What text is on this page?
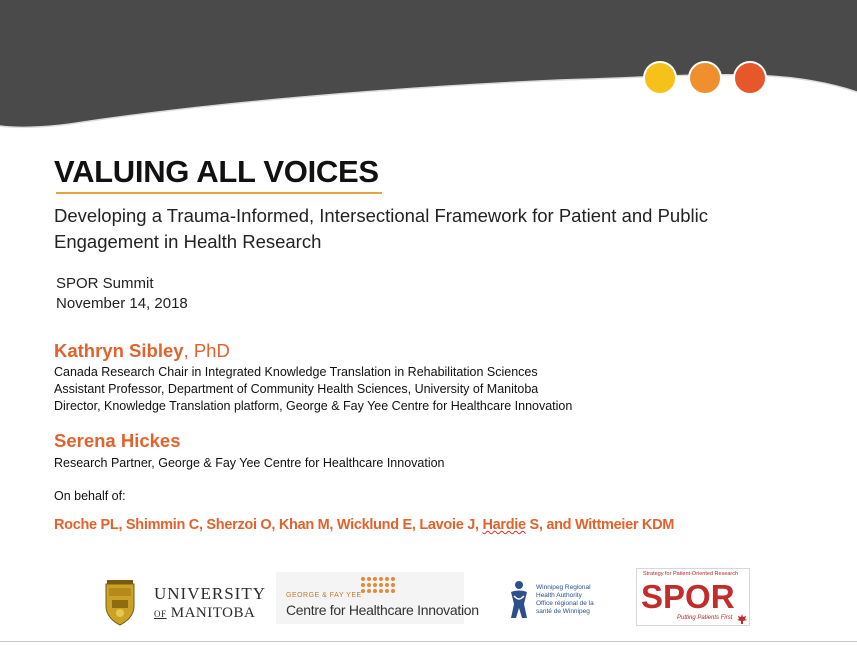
VALUING ALL VOICES

Developing a Trauma-Informed, Intersectional Framework for Patient and Public Engagement in Health Research

SPOR Summit
November 14, 2018
Kathryn Sibley, PhD
Canada Research Chair in Integrated Knowledge Translation in Rehabilitation Sciences
Assistant Professor, Department of Community Health Sciences, University of Manitoba
Director, Knowledge Translation platform, George & Fay Yee Centre for Healthcare Innovation
Serena Hickes
Research Partner, George & Fay Yee Centre for Healthcare Innovation
On behalf of:
Roche PL, Shimmin C, Sherzoi O, Khan M, Wicklund E, Lavoie J, Hardie S, and Wittmeier KDM
UNIVERSITY
OF MANITOBA
GEORGE & FAY YEE
Centre for Healthcare Innovation
Winnipeg Regional
Health Authority
Office régional de la
santé de Winnipeg
Strategy for Patient-Oriented Research
SPOR
Putting Patients First
